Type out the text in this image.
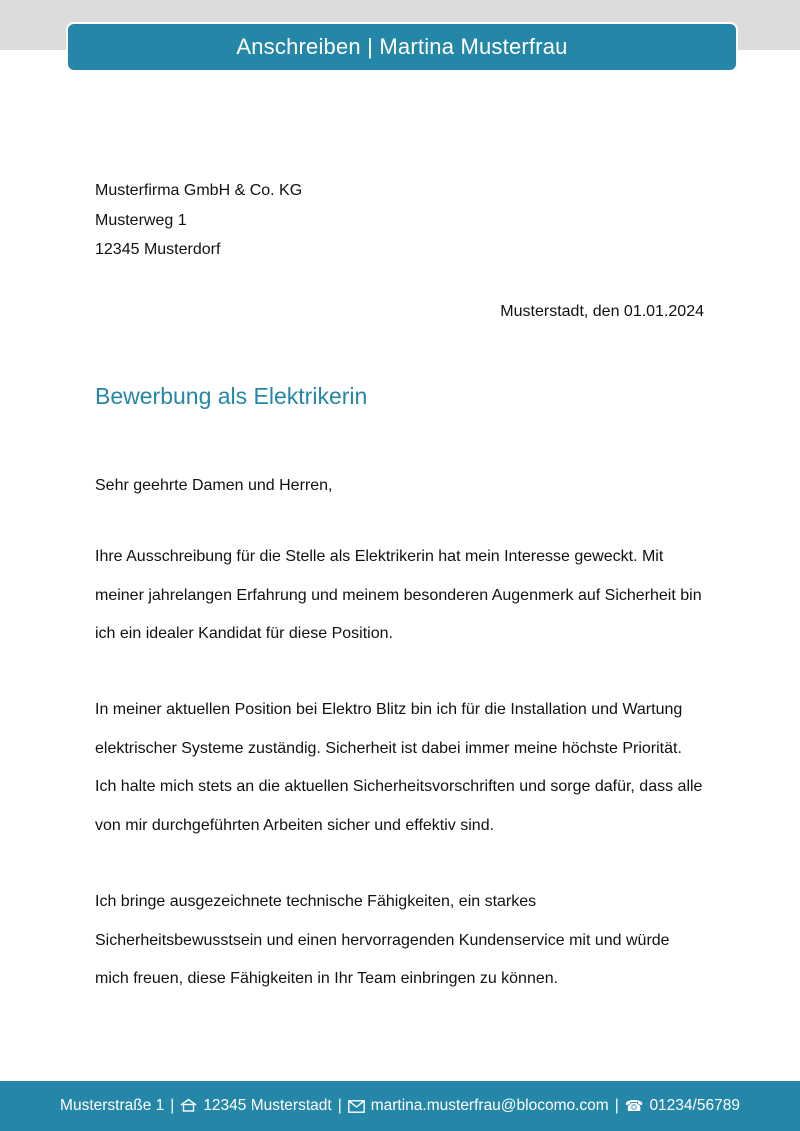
Anschreiben | Martina Musterfrau
Musterfirma GmbH & Co. KG
Musterweg 1
12345 Musterdorf
Musterstadt, den 01.01.2024
Bewerbung als Elektrikerin
Sehr geehrte Damen und Herren,

Ihre Ausschreibung für die Stelle als Elektrikerin hat mein Interesse geweckt. Mit meiner jahrelangen Erfahrung und meinem besonderen Augenmerk auf Sicherheit bin ich ein idealer Kandidat für diese Position.

In meiner aktuellen Position bei Elektro Blitz bin ich für die Installation und Wartung elektrischer Systeme zuständig. Sicherheit ist dabei immer meine höchste Priorität. Ich halte mich stets an die aktuellen Sicherheitsvorschriften und sorge dafür, dass alle von mir durchgeführten Arbeiten sicher und effektiv sind.

Ich bringe ausgezeichnete technische Fähigkeiten, ein starkes Sicherheitsbewusstsein und einen hervorragenden Kundenservice mit und würde mich freuen, diese Fähigkeiten in Ihr Team einbringen zu können.

Musterstraße 1 | 12345 Musterstadt | martina.musterfrau@blocomo.com | ☎ 01234/56789
